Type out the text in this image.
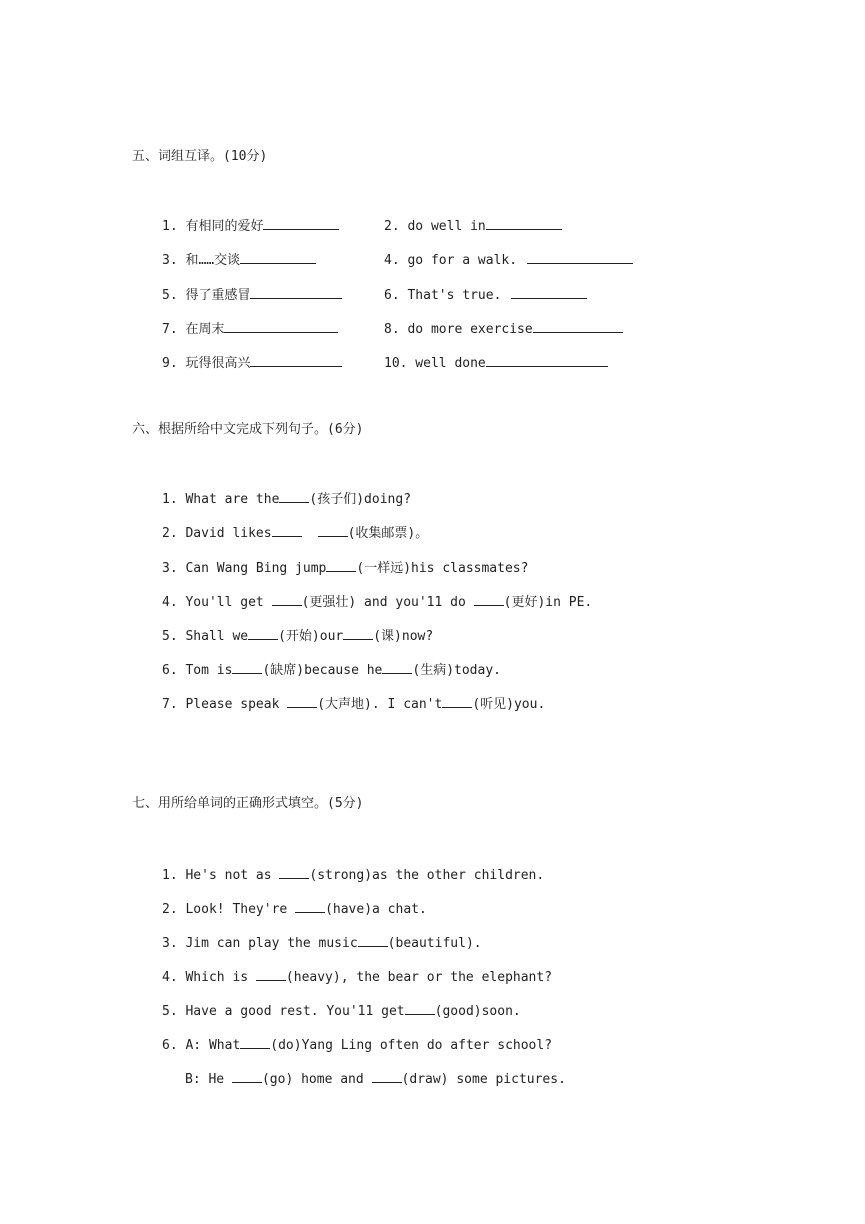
五、词组互译。(10分)
1. 有相同的爱好	2. do well in
3. 和……交谈	4. go for a walk.
5. 得了重感冒	6. That's true.
7. 在周末	8. do more exercise
9. 玩得很高兴	10. well done
六、根据所给中文完成下列句子。(6分)
1. What are the (孩子们)doing?
2. David likes	(收集邮票)。
3. Can Wang Bing jump (一样远)his classmates?
4. You'll get (更强壮) and you'11 do (更好)in PE.
5. Shall we (开始)our (课)now?
6. Tom is (缺席)because he (生病)today.
7. Please speak (大声地). I can't (听见)you.
七、用所给单词的正确形式填空。(5分)
1. He's not as (strong)as the other children.
2. Look! They're (have)a chat.
3. Jim can play the music (beautiful).
4. Which is (heavy), the bear or the elephant?
5. Have a good rest. You'11 get (good)soon.
6. A: What (do)Yang Ling often do after school?
B: He (go) home and (draw) some pictures.
